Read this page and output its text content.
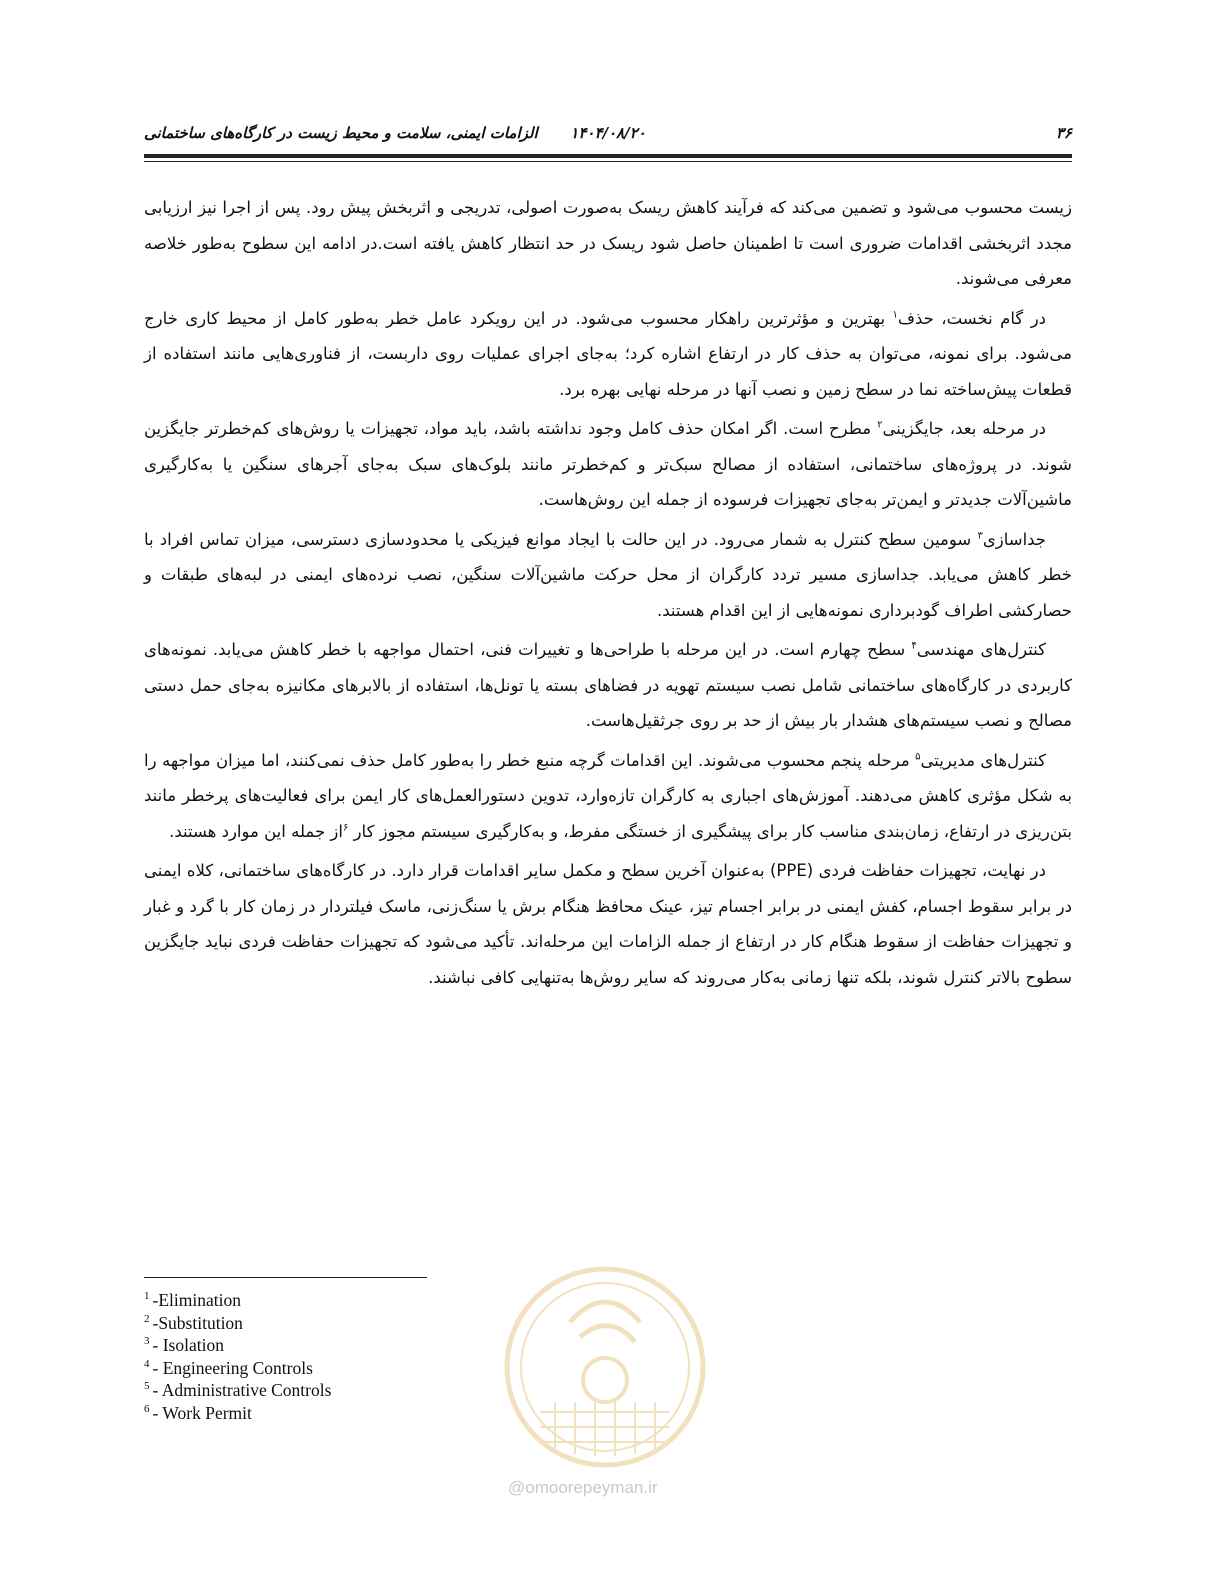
۳۶
۱۴۰۴/۰۸/۲۰
الزامات ایمنی، سلامت و محیط زیست در کارگاه‌های ساختمانی

زیست محسوب می‌شود و تضمین می‌کند که فرآیند کاهش ریسک به‌صورت اصولی، تدریجی و اثربخش پیش رود. پس از اجرا نیز ارزیابی مجدد اثربخشی اقدامات ضروری است تا اطمینان حاصل شود ریسک در حد انتظار کاهش یافته است.در ادامه این سطوح به‌طور خلاصه معرفی می‌شوند.

در گام نخست، حذف$^۱$ بهترین و مؤثرترین راهکار محسوب می‌شود. در این رویکرد عامل خطر به‌طور کامل از محیط کاری خارج می‌شود. برای نمونه، می‌توان به حذف کار در ارتفاع اشاره کرد؛ به‌جای اجرای عملیات روی داربست، از فناوری‌هایی مانند استفاده از قطعات پیش‌ساخته نما در سطح زمین و نصب آنها در مرحله نهایی بهره برد.

در مرحله بعد، جایگزینی$^۲$ مطرح است. اگر امکان حذف کامل وجود نداشته باشد، باید مواد، تجهیزات یا روش‌های کم‌خطرتر جایگزین شوند. در پروژه‌های ساختمانی، استفاده از مصالح سبک‌تر و کم‌خطرتر مانند بلوک‌های سبک به‌جای آجرهای سنگین یا به‌کارگیری ماشین‌آلات جدیدتر و ایمن‌تر به‌جای تجهیزات فرسوده از جمله این روش‌هاست.

جداسازی$^۳$ سومین سطح کنترل به شمار می‌رود. در این حالت با ایجاد موانع فیزیکی یا محدودسازی دسترسی، میزان تماس افراد با خطر کاهش می‌یابد. جداسازی مسیر تردد کارگران از محل حرکت ماشین‌آلات سنگین، نصب نرده‌های ایمنی در لبه‌های طبقات و حصارکشی اطراف گودبرداری نمونه‌هایی از این اقدام هستند.

کنترل‌های مهندسی$^۴$ سطح چهارم است. در این مرحله با طراحی‌ها و تغییرات فنی، احتمال مواجهه با خطر کاهش می‌یابد. نمونه‌های کاربردی در کارگاه‌های ساختمانی شامل نصب سیستم تهویه در فضاهای بسته یا تونل‌ها، استفاده از بالابرهای مکانیزه به‌جای حمل دستی مصالح و نصب سیستم‌های هشدار بار بیش از حد بر روی جرثقیل‌هاست.

کنترل‌های مدیریتی$^۵$ مرحله پنجم محسوب می‌شوند. این اقدامات گرچه منبع خطر را به‌طور کامل حذف نمی‌کنند، اما میزان مواجهه را به شکل مؤثری کاهش می‌دهند. آموزش‌های اجباری به کارگران تازه‌وارد، تدوین دستورالعمل‌های کار ایمن برای فعالیت‌های پرخطر مانند بتن‌ریزی در ارتفاع، زمان‌بندی مناسب کار برای پیشگیری از خستگی مفرط، و به‌کارگیری سیستم مجوز کار $^۶$از جمله این موارد هستند.

در نهایت، تجهیزات حفاظت فردی (PPE) به‌عنوان آخرین سطح و مکمل سایر اقدامات قرار دارد. در کارگاه‌های ساختمانی، کلاه ایمنی در برابر سقوط اجسام، کفش ایمنی در برابر اجسام تیز، عینک محافظ هنگام برش یا سنگ‌زنی، ماسک فیلتردار در زمان کار با گرد و غبار و تجهیزات حفاظت از سقوط هنگام کار در ارتفاع از جمله الزامات این مرحله‌اند. تأکید می‌شود که تجهیزات حفاظت فردی نباید جایگزین سطوح بالاتر کنترل شوند، بلکه تنها زمانی به‌کار می‌روند که سایر روش‌ها به‌تنهایی کافی نباشند.

$^1$ -Elimination
$^2$ -Substitution
$^3$ - Isolation
$^4$ - Engineering Controls
$^5$ - Administrative Controls
$^6$ - Work Permit
@omoorepeyman.ir
